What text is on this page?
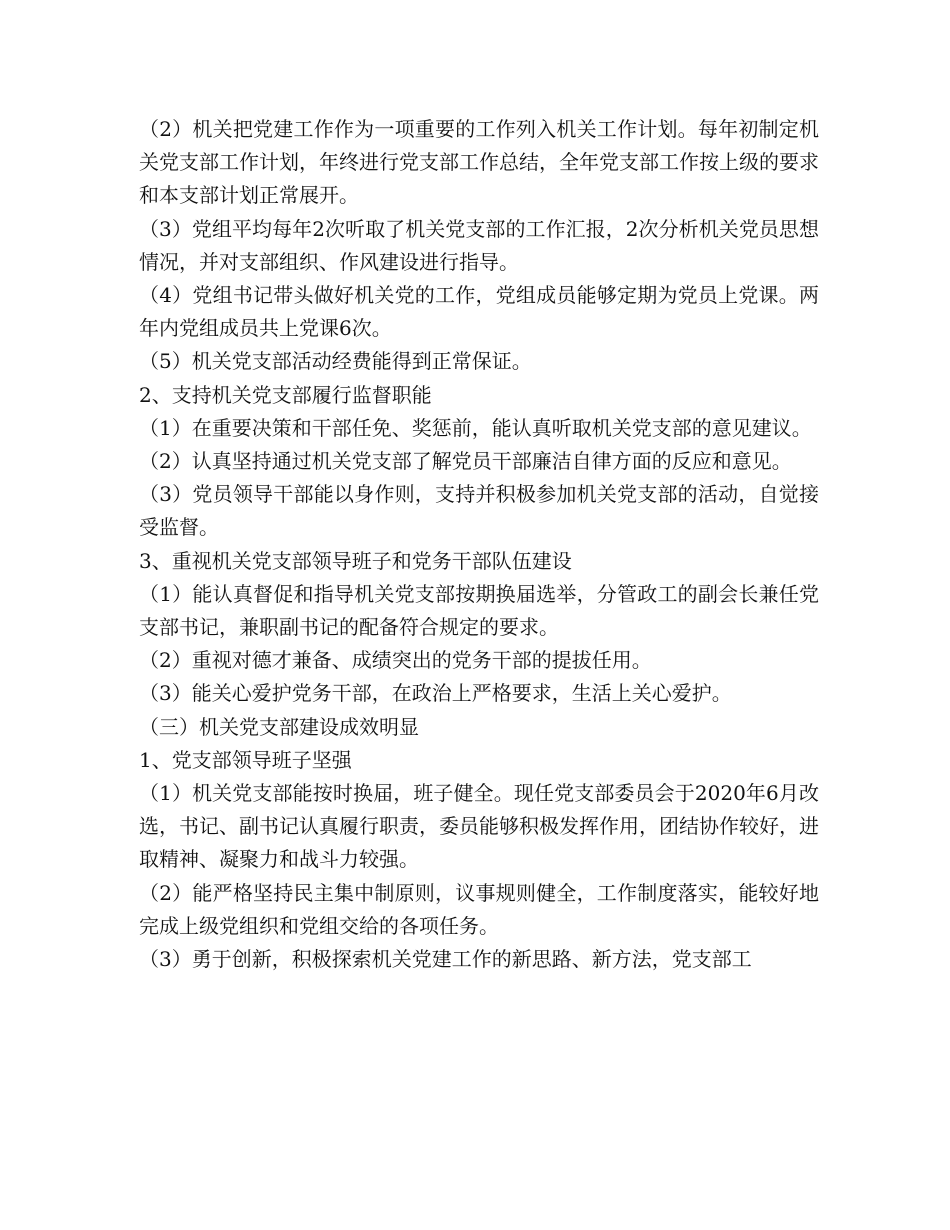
（2）机关把党建工作作为一项重要的工作列入机关工作计划。每年初制定机关党支部工作计划，年终进行党支部工作总结，全年党支部工作按上级的要求和本支部计划正常展开。

（3）党组平均每年2次听取了机关党支部的工作汇报，2次分析机关党员思想情况，并对支部组织、作风建设进行指导。

（4）党组书记带头做好机关党的工作，党组成员能够定期为党员上党课。两年内党组成员共上党课6次。

（5）机关党支部活动经费能得到正常保证。

2、支持机关党支部履行监督职能

（1）在重要决策和干部任免、奖惩前，能认真听取机关党支部的意见建议。

（2）认真坚持通过机关党支部了解党员干部廉洁自律方面的反应和意见。

（3）党员领导干部能以身作则，支持并积极参加机关党支部的活动，自觉接受监督。

3、重视机关党支部领导班子和党务干部队伍建设

（1）能认真督促和指导机关党支部按期换届选举，分管政工的副会长兼任党支部书记，兼职副书记的配备符合规定的要求。

（2）重视对德才兼备、成绩突出的党务干部的提拔任用。

（3）能关心爱护党务干部，在政治上严格要求，生活上关心爱护。

（三）机关党支部建设成效明显

1、党支部领导班子坚强

（1）机关党支部能按时换届，班子健全。现任党支部委员会于2020年6月改选，书记、副书记认真履行职责，委员能够积极发挥作用，团结协作较好，进取精神、凝聚力和战斗力较强。

（2）能严格坚持民主集中制原则，议事规则健全，工作制度落实，能较好地完成上级党组织和党组交给的各项任务。

（3）勇于创新，积极探索机关党建工作的新思路、新方法，党支部工
